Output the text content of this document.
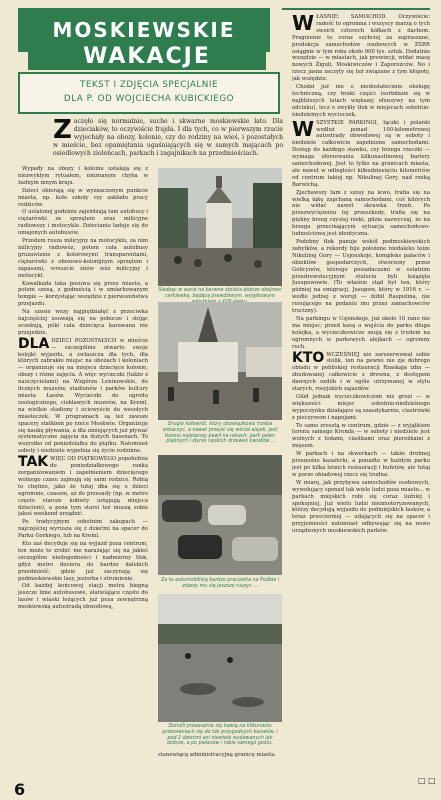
MOSKIEWSKIE
WAKACJE
TEKST I ZDJĘCIA SPECJALNIE
DLA P. OD WOJCIECHA KUBICKIEGO
Z aczęło się normalnie, suche i skwarne moskiewskie lato. Dla dzieciaków, to oczywiście frajda. I dla tych, co w pierwszym rzucie wyjechały na obozy, kolonie, czy do rodziny na wieś, i pozostałych w mieście, bez opamiętania ugaśniających się w samych mającach po osiedlowych zieleńcach, parkach i zagajnikach na przedmieściach.

Wypady na obozy i kolonie ustalają się z niezwykłym rytuałem, nieznanym chyba w żadnym innym kraju.

Dzieci obierają się w wyznaczonym punkcie miasta, np. koło szkoły czy zakładu pracy rodziców.

O ustalonej godzinie zajeżdżają tam autobusy i ciężarówki ze sprzętem oraz milicyjne radiowozy i motocykle. Dziecianie ładuje się do umajonych autobusów.

Przodem rusza milicyjny na motocyklu, za nim milicyjny radiowóz, potem cała autobusy gruzawiznie z kolorowymi transparentami, ciężarówki z obozowo-kolonijnym sprzętem i zapasami, wreszcie znów wóz milicyjny i motocykl.

Kawalkada taka posuwa się przez miasto, a potem szosą, z godnością i w umiarkowanym tempie — korzystając wszędzie z pierwszeństwa przejazdu.

Na szosie wozy najpiędziałęć z przeciwka najczęściej usuwają się na pobocze i stojąc oczekują, póki cała dziecięca karawana nie przejedzie.

DLA DZIECI POZOSTAŁYCH w mieście — szczególnie otwarto swoje kolejki wyjazdu, a zwłaszcza dla tych, dla których zabrakło miejsc na obozach i koloniach — organizuje się na miejscu dziecięce kolonie, obozy i różne zajęcia. A więc wycieczki (także z nauczycielami) na Wzgórza Leninowskie, do licznych muzeów, stadionów i parków kultury miasta Łasów. Wycieczki do ogrodu zoologicznego, cieklawych muzeów, na Kreml, na wielkie stadiony i ociewyście do wesołych miasteczek. W programach są też zawsze spacery statkiem po rzece Moskwie. Organizuje się naukę pływania, a dla umiejących już pływać systematyczne zajęcia na dużych basenach. To wszystko od poniedziałku do piątku. Natomiast soboty i niedziele wypełnia się życie rodzinne.

TAK WIĘC OD PIĄTKOWEGO popołudnia do poniedziałkowego ranka zorganizowaniem i zapełnieniem dziecięcego wolnego czasu zajmują się sami rodzice. Robią to chętnie, jako że tutaj dba się o dzieci ogromnie, czasem, aż do przesady (np. w metro często starsze kobiety ustępują miejsca dzieciom), a poza tym starsi też muszą sobie jakoś weekend urządzić.

Po tradycyjnym sobotnim zakupach — najczęściej wyrusza się z dziećmi na spacer do Parku Gorkiego, lub na Kreml.

Kto zaś decyduje się na wyjazd poza centrum, ten może to zrobić nie narażając się na jakieś szczególne niedogodności i nadmierny tłok, gdyż metro dociera do bardzo dalekich przedmieść, gdzie już zaczynają się podmoskiewskie lasy, jeziorka i strumienie.

Od każdej końcowej stacji metra biegną jeszcze linie autobusowe, ułatwiające często do lasów i wiaski leżących już poza zewnętrzną moskiewską autostradą obwodową,

Siedząc w aucie na barwne stoiska dobrze obejrzeć cerkiewkę, będącą prawdziwym, wyjątkowym
Drugie kołowrót, który obowiązkowo trzeba zobaczyć, a nawet przejść się wśród alejek, jest Ikeonu najstarszy pawił na rekach: park pełen pięknych i słynie rajskich drzewek kwiatów...
Za to automobilistą bardzo pracowita na Podbie i zdarzy mu się jeszcze ruszyć ...
Dorośli przeważnie się bawią na kilkunastu przerwaniach się do tak przygodnych kanałów, i pod 2 dziećmi ani niewiele wydawanych jak dobrze, a po pielesów i takie samego gestu.

stanowiącą administracyjną granicę miasta.

WŁAŚNIE: SAMOCHÓD. Oczywiście: radość to ogromna i wszyscy marzą o tych swoich czterech kółkach z dachem. Pragnienie to coraz szybciej za zapraszane, produkcja samochodów osobowych w ZSRR osiągnie w tym roku około 900 tys. sztuk. Dodatnie wszędzie — w miastach, jak prowincji, widać masę nowych Żiguli, Moskiwiczów i Zaporożców. No i rzecz jasna zaczyty się też związane z tym kłopoty, jak wszędzie.

Chodzi już nie o niedostatecznie obsługę techniczną, czy braki części (sorbdazie się w najbliższych latach większej ofensywy na tym odcinku), lecz o zwykły tłok w miejscach sobotnio-niedzielnych wycieczek.

WSZYSTKIE PARKINGI, łączki i polanki wzdłuż ponad 100-kilometrowej autostrady obwodowej są w soboty i niedziele całkowicie zapełnione samochodami. Dostęp do każdego stawku, czy brzegu rzeczki — wymaga sforsowania kilkunastinowej bariery samochodowej. Jest to tylko na granicach miasta, ale nawet w odległości kilkudziesięciu kilometrów od centrum takiej np. Nikulinej Gory, nad rzeką Barwichą.

Zjechawszy tam z szosy na lewo, trafia się na wielką łąkę zapchaną samochodami, coś kitórych nie widać nawet skrawka trzeń. Po przezwyciężeniu tej przeszkody, trafia się na piękny brzeg czystej rzeki, gdzie zazwyczaj, że na brzegu przecinającym sytuacja samochodowo-ludnościowa jest identyczna.

Podobny tłok panuje wokół podmoskiewskich zabytków, a rekordy bije położone niedaleko teize Nikulinej Gory — Usjenskoje, kompleks pałaców i obiektów gospodarczych, stworzony przez Golicynów, którego posiadaczami w ostatnim przedrewolucyjnym stuleciu byli książęta Jusupowowie. (To właśnie stąd był ten, który później na emigracji, Jusupow, który w 1916 r. — wedle jednej z wersji — dobił Rasputina, nie rusującego na podaniu mu przez zamachowców trucizny).

Na parkingu w Usjenskoje, już około 10 rano nie ma miejsc; przed kasą u wejścia do parku długa kolejka, a wycieczkowicze snują się z trudem na ogromnych w parkowych alejkach — ogromny ruch.

KTO WCZEŚNIEJ nie zarezerwował sobie stolik, ten na pewno nie zje dobrego obiadu w pobliskiej restauracji Rzaskaja izba — zbudowanej całkowicie z drewna, z dostępem dawnych ozdób i w ogóle utrzymanej w stylu starych, rosyjskich zajazdów.

Głód jednak wycieczkowiczom nie grozi — w większości miejsc sobotnio-niedzielnego wypoczynku działające są szaszłykarnie, ciastrówki z pieczywem i napojami.

To samo zresztą w centrum, gdzie — z wyjątkiem terenu samego Kremla — w soboty i niedziele jest wolnych z lodami, ciastkami oraz pierożkami z mięsem.

W parkach i na skwerkach — także drobnej przenośne kasaferki, a ponadto w każdym parku jest po kilka letnich restauracji i bufetów, ale tutaj w porze obiadowej rzecz się trudna.

W miarę, jak przybywa samochodów osobowych, wywołujący sponad tak wiele ludzi poza miasto... w parkach miejskich robi się coraz luźniej i spokojniej. Już wielu ludzi niezmotoryzowanych, którzy decydują wyjazdu do podmiejskich lasków, a teraz przecierniej — udających się na spacer i przyjemności natomiast odbywając się na nowo urządzonych moskiewskich parków.

6	□ □
